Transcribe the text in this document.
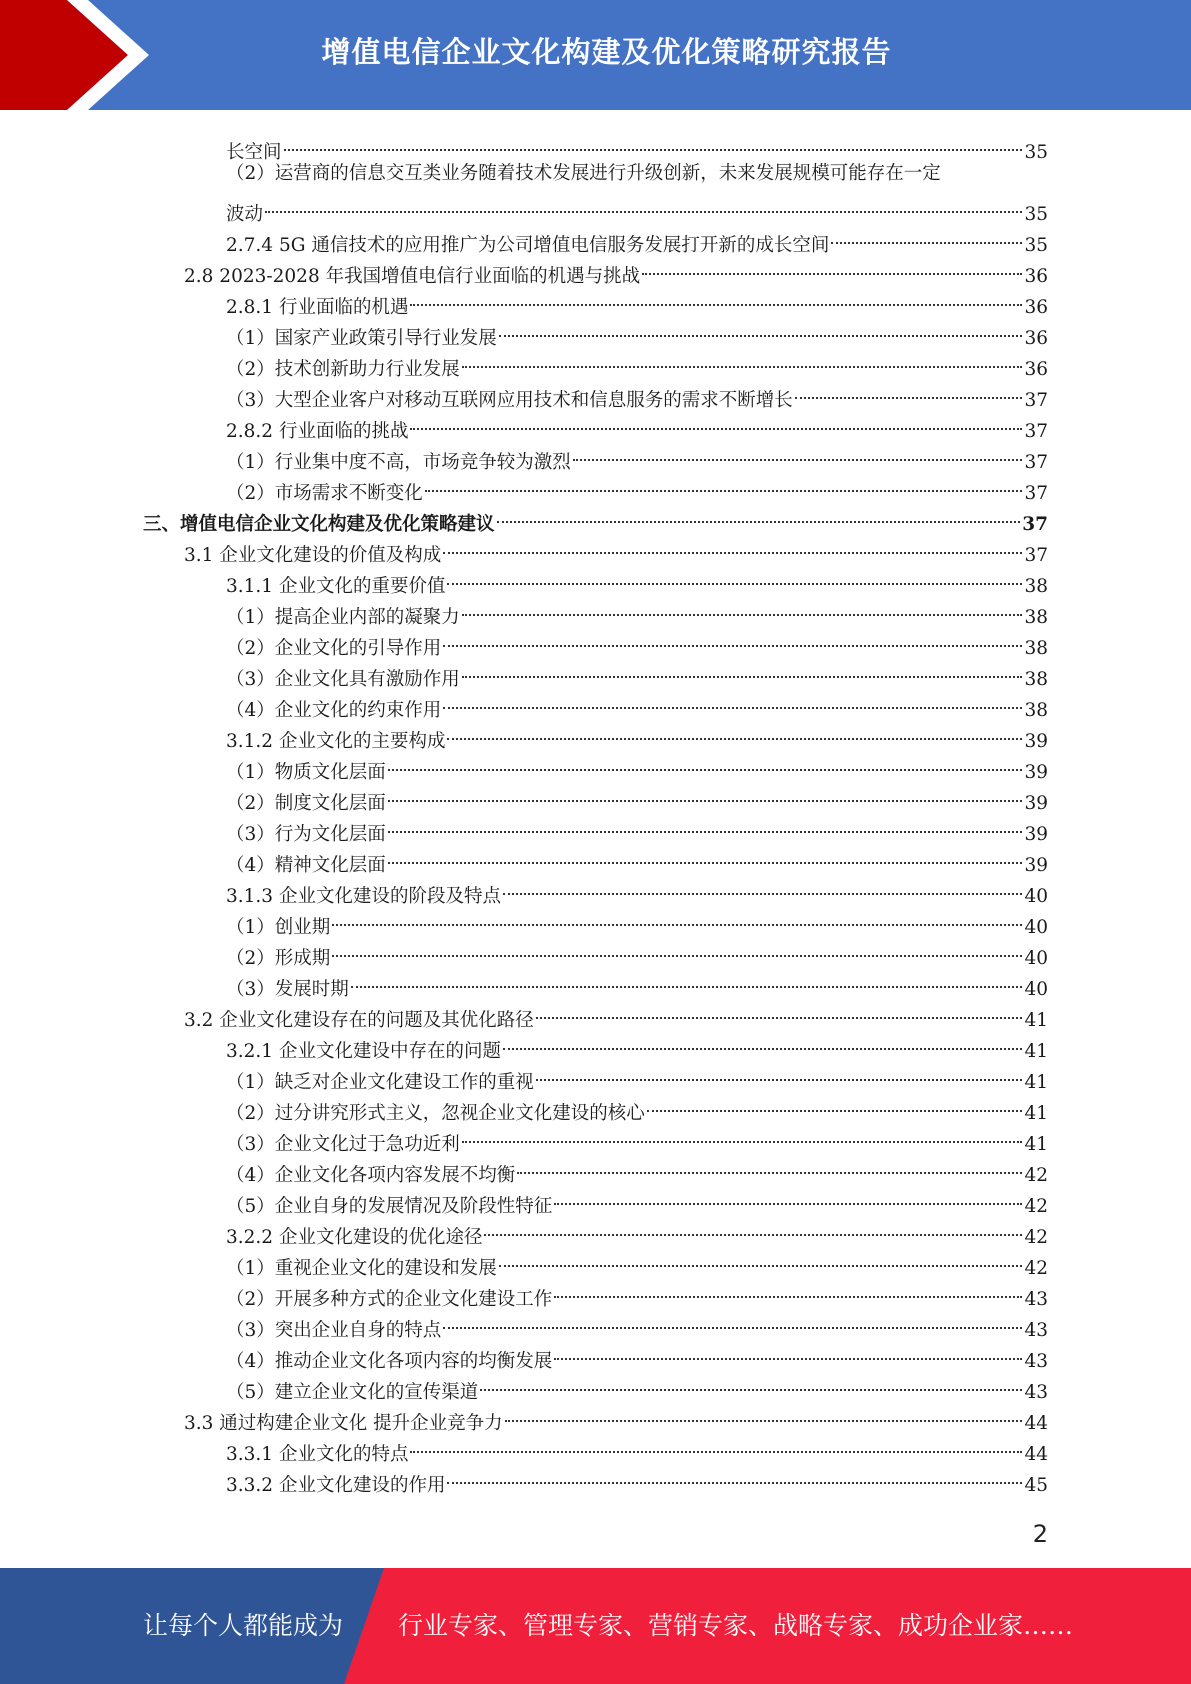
增值电信企业文化构建及优化策略研究报告
长空间	35
（2）运营商的信息交互类业务随着技术发展进行升级创新，未来发展规模可能存在一定
波动	35
2.7.4 5G 通信技术的应用推广为公司增值电信服务发展打开新的成长空间	35
2.8 2023-2028 年我国增值电信行业面临的机遇与挑战	36
2.8.1 行业面临的机遇	36
（1）国家产业政策引导行业发展	36
（2）技术创新助力行业发展	36
（3）大型企业客户对移动互联网应用技术和信息服务的需求不断增长	37
2.8.2 行业面临的挑战	37
（1）行业集中度不高，市场竞争较为激烈	37
（2）市场需求不断变化	37
三、增值电信企业文化构建及优化策略建议	37
3.1 企业文化建设的价值及构成	37
3.1.1 企业文化的重要价值	38
（1）提高企业内部的凝聚力	38
（2）企业文化的引导作用	38
（3）企业文化具有激励作用	38
（4）企业文化的约束作用	38
3.1.2 企业文化的主要构成	39
（1）物质文化层面	39
（2）制度文化层面	39
（3）行为文化层面	39
（4）精神文化层面	39
3.1.3 企业文化建设的阶段及特点	40
（1）创业期	40
（2）形成期	40
（3）发展时期	40
3.2 企业文化建设存在的问题及其优化路径	41
3.2.1 企业文化建设中存在的问题	41
（1）缺乏对企业文化建设工作的重视	41
（2）过分讲究形式主义，忽视企业文化建设的核心	41
（3）企业文化过于急功近利	41
（4）企业文化各项内容发展不均衡	42
（5）企业自身的发展情况及阶段性特征	42
3.2.2 企业文化建设的优化途径	42
（1）重视企业文化的建设和发展	42
（2）开展多种方式的企业文化建设工作	43
（3）突出企业自身的特点	43
（4）推动企业文化各项内容的均衡发展	43
（5）建立企业文化的宣传渠道	43
3.3 通过构建企业文化 提升企业竞争力	44
3.3.1 企业文化的特点	44
3.3.2 企业文化建设的作用	45
2
让每个人都能成为 行业专家、管理专家、营销专家、战略专家、成功企业家……
